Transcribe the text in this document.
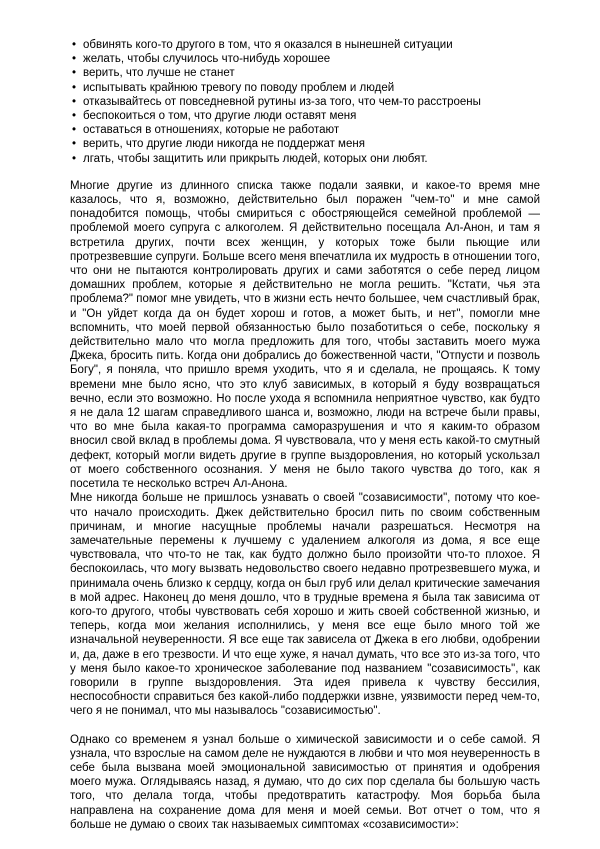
• обвинять кого-то другого в том, что я оказался в нынешней ситуации
• желать, чтобы случилось что-нибудь хорошее
• верить, что лучше не станет
• испытывать крайнюю тревогу по поводу проблем и людей
• отказывайтесь от повседневной рутины из-за того, что чем-то расстроены
• беспокоиться о том, что другие люди оставят меня
• оставаться в отношениях, которые не работают
• верить, что другие люди никогда не поддержат меня
• лгать, чтобы защитить или прикрыть людей, которых они любят.

Многие другие из длинного списка также подали заявки, и какое-то время мне казалось, что я, возможно, действительно был поражен "чем-то" и мне самой понадобится помощь, чтобы смириться с обостряющейся семейной проблемой — проблемой моего супруга с алкоголем. Я действительно посещала Ал-Анон, и там я встретила других, почти всех женщин, у которых тоже были пьющие или протрезвевшие супруги. Больше всего меня впечатлила их мудрость в отношении того, что они не пытаются контролировать других и сами заботятся о себе перед лицом домашних проблем, которые я действительно не могла решить. "Кстати, чья эта проблема?" помог мне увидеть, что в жизни есть нечто большее, чем счастливый брак, и "Он уйдет когда да он будет хорош и готов, а может быть, и нет", помогли мне вспомнить, что моей первой обязанностью было позаботиться о себе, поскольку я действительно мало что могла предложить для того, чтобы заставить моего мужа Джека, бросить пить. Когда они добрались до божественной части, "Отпусти и позволь Богу", я поняла, что пришло время уходить, что я и сделала, не прощаясь. К тому времени мне было ясно, что это клуб зависимых, в который я буду возвращаться вечно, если это возможно. Но после ухода я вспомнила неприятное чувство, как будто я не дала 12 шагам справедливого шанса и, возможно, люди на встрече были правы, что во мне была какая-то программа саморазрушения и что я каким-то образом вносил свой вклад в проблемы дома. Я чувствовала, что у меня есть какой-то смутный дефект, который могли видеть другие в группе выздоровления, но который ускользал от моего собственного осознания. У меня не было такого чувства до того, как я посетила те несколько встреч Ал-Анона.

Мне никогда больше не пришлось узнавать о своей "созависимости", потому что кое-что начало происходить. Джек действительно бросил пить по своим собственным причинам, и многие насущные проблемы начали разрешаться. Несмотря на замечательные перемены к лучшему с удалением алкоголя из дома, я все еще чувствовала, что что-то не так, как будто должно было произойти что-то плохое. Я беспокоилась, что могу вызвать недовольство своего недавно протрезвевшего мужа, и принимала очень близко к сердцу, когда он был груб или делал критические замечания в мой адрес. Наконец до меня дошло, что в трудные времена я была так зависима от кого-то другого, чтобы чувствовать себя хорошо и жить своей собственной жизнью, и теперь, когда мои желания исполнились, у меня все еще было много той же изначальной неуверенности. Я все еще так зависела от Джека в его любви, одобрении и, да, даже в его трезвости. И что еще хуже, я начал думать, что все это из-за того, что у меня было какое-то хроническое заболевание под названием "созависимость", как говорили в группе выздоровления. Эта идея привела к чувству бессилия, неспособности справиться без какой-либо поддержки извне, уязвимости перед чем-то, чего я не понимал, что мы называлось "созависимостью".

Однако со временем я узнал больше о химической зависимости и о себе самой. Я узнала, что взрослые на самом деле не нуждаются в любви и что моя неуверенность в себе была вызвана моей эмоциональной зависимостью от принятия и одобрения моего мужа. Оглядываясь назад, я думаю, что до сих пор сделала бы большую часть того, что делала тогда, чтобы предотвратить катастрофу. Моя борьба была направлена на сохранение дома для меня и моей семьи. Вот отчет о том, что я больше не думаю о своих так называемых симптомах «созависимости»:
